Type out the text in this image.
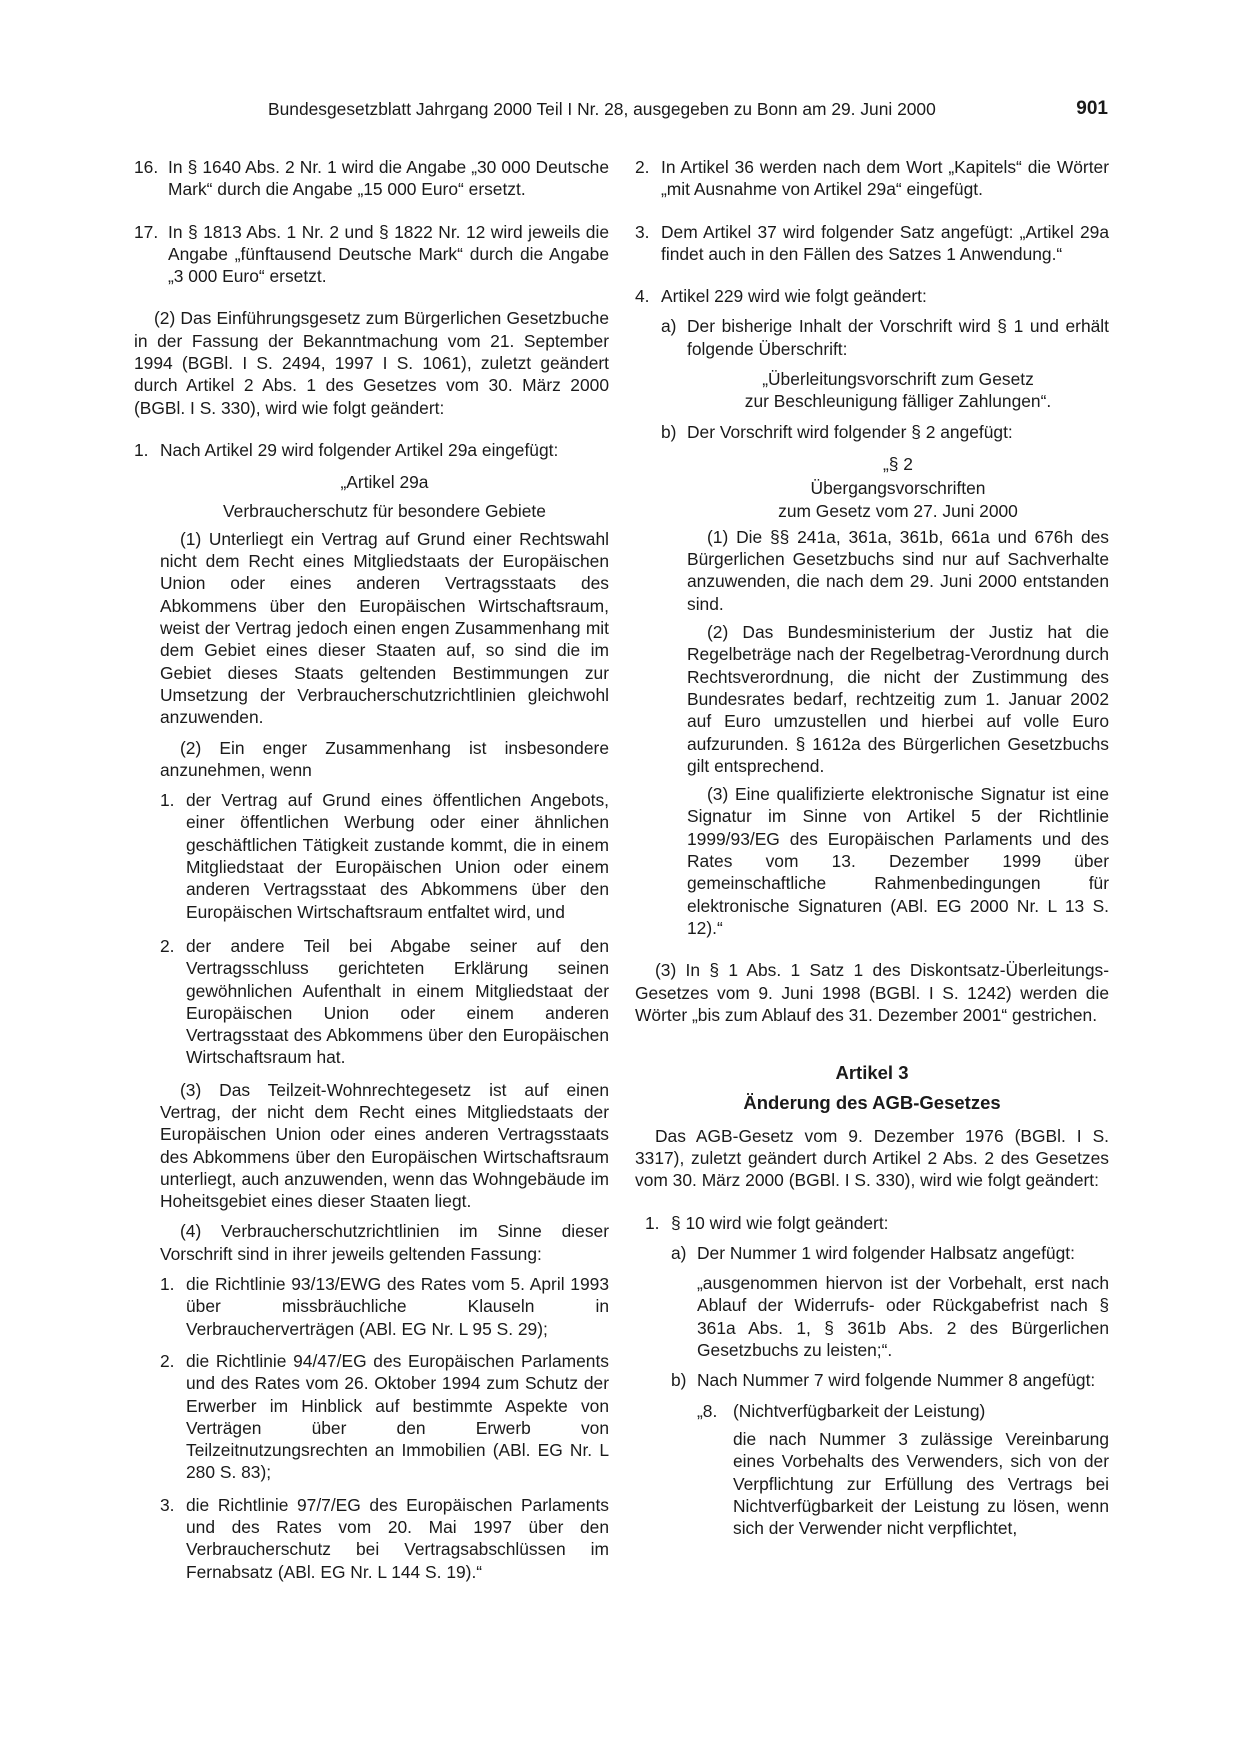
Bundesgesetzblatt Jahrgang 2000 Teil I Nr. 28, ausgegeben zu Bonn am 29. Juni 2000	901
16. In § 1640 Abs. 2 Nr. 1 wird die Angabe „30 000 Deutsche Mark“ durch die Angabe „15 000 Euro“ ersetzt.
17. In § 1813 Abs. 1 Nr. 2 und § 1822 Nr. 12 wird jeweils die Angabe „fünftausend Deutsche Mark“ durch die Angabe „3 000 Euro“ ersetzt.

(2) Das Einführungsgesetz zum Bürgerlichen Gesetzbuche in der Fassung der Bekanntmachung vom 21. September 1994 (BGBl. I S. 2494, 1997 I S. 1061), zuletzt geändert durch Artikel 2 Abs. 1 des Gesetzes vom 30. März 2000 (BGBl. I S. 330), wird wie folgt geändert:

1. Nach Artikel 29 wird folgender Artikel 29a eingefügt:

„Artikel 29a

Verbraucherschutz für besondere Gebiete

(1) Unterliegt ein Vertrag auf Grund einer Rechtswahl nicht dem Recht eines Mitgliedstaats der Europäischen Union oder eines anderen Vertragsstaats des Abkommens über den Europäischen Wirtschaftsraum, weist der Vertrag jedoch einen engen Zusammenhang mit dem Gebiet eines dieser Staaten auf, so sind die im Gebiet dieses Staats geltenden Bestimmungen zur Umsetzung der Verbraucherschutzrichtlinien gleichwohl anzuwenden.

(2) Ein enger Zusammenhang ist insbesondere anzunehmen, wenn

1. der Vertrag auf Grund eines öffentlichen Angebots, einer öffentlichen Werbung oder einer ähnlichen geschäftlichen Tätigkeit zustande kommt, die in einem Mitgliedstaat der Europäischen Union oder einem anderen Vertragsstaat des Abkommens über den Europäischen Wirtschaftsraum entfaltet wird, und
2. der andere Teil bei Abgabe seiner auf den Vertragsschluss gerichteten Erklärung seinen gewöhnlichen Aufenthalt in einem Mitgliedstaat der Europäischen Union oder einem anderen Vertragsstaat des Abkommens über den Europäischen Wirtschaftsraum hat.

(3) Das Teilzeit-Wohnrechtegesetz ist auf einen Vertrag, der nicht dem Recht eines Mitgliedstaats der Europäischen Union oder eines anderen Vertragsstaats des Abkommens über den Europäischen Wirtschaftsraum unterliegt, auch anzuwenden, wenn das Wohngebäude im Hoheitsgebiet eines dieser Staaten liegt.

(4) Verbraucherschutzrichtlinien im Sinne dieser Vorschrift sind in ihrer jeweils geltenden Fassung:

1. die Richtlinie 93/13/EWG des Rates vom 5. April 1993 über missbräuchliche Klauseln in Verbraucherverträgen (ABl. EG Nr. L 95 S. 29);
2. die Richtlinie 94/47/EG des Europäischen Parlaments und des Rates vom 26. Oktober 1994 zum Schutz der Erwerber im Hinblick auf bestimmte Aspekte von Verträgen über den Erwerb von Teilzeitnutzungsrechten an Immobilien (ABl. EG Nr. L 280 S. 83);
3. die Richtlinie 97/7/EG des Europäischen Parlaments und des Rates vom 20. Mai 1997 über den Verbraucherschutz bei Vertragsabschlüssen im Fernabsatz (ABl. EG Nr. L 144 S. 19).“
2. In Artikel 36 werden nach dem Wort „Kapitels“ die Wörter „mit Ausnahme von Artikel 29a“ eingefügt.
3. Dem Artikel 37 wird folgender Satz angefügt: „Artikel 29a findet auch in den Fällen des Satzes 1 Anwendung.“
4. Artikel 229 wird wie folgt geändert:
a) Der bisherige Inhalt der Vorschrift wird § 1 und erhält folgende Überschrift:

„Überleitungsvorschrift zum Gesetz

zur Beschleunigung fälliger Zahlungen“.

b) Der Vorschrift wird folgender § 2 angefügt:

„§ 2

Übergangsvorschriften

zum Gesetz vom 27. Juni 2000

(1) Die §§ 241a, 361a, 361b, 661a und 676h des Bürgerlichen Gesetzbuchs sind nur auf Sachverhalte anzuwenden, die nach dem 29. Juni 2000 entstanden sind.

(2) Das Bundesministerium der Justiz hat die Regelbeträge nach der Regelbetrag-Verordnung durch Rechtsverordnung, die nicht der Zustimmung des Bundesrates bedarf, rechtzeitig zum 1. Januar 2002 auf Euro umzustellen und hierbei auf volle Euro aufzurunden. § 1612a des Bürgerlichen Gesetzbuchs gilt entsprechend.

(3) Eine qualifizierte elektronische Signatur ist eine Signatur im Sinne von Artikel 5 der Richtlinie 1999/93/EG des Europäischen Parlaments und des Rates vom 13. Dezember 1999 über gemeinschaftliche Rahmenbedingungen für elektronische Signaturen (ABl. EG 2000 Nr. L 13 S. 12).“

(3) In § 1 Abs. 1 Satz 1 des Diskontsatz-Überleitungs-Gesetzes vom 9. Juni 1998 (BGBl. I S. 1242) werden die Wörter „bis zum Ablauf des 31. Dezember 2001“ gestrichen.

Artikel 3

Änderung des AGB-Gesetzes

Das AGB-Gesetz vom 9. Dezember 1976 (BGBl. I S. 3317), zuletzt geändert durch Artikel 2 Abs. 2 des Gesetzes vom 30. März 2000 (BGBl. I S. 330), wird wie folgt geändert:

1. § 10 wird wie folgt geändert:
a) Der Nummer 1 wird folgender Halbsatz angefügt:

„ausgenommen hiervon ist der Vorbehalt, erst nach Ablauf der Widerrufs- oder Rückgabefrist nach § 361a Abs. 1, § 361b Abs. 2 des Bürgerlichen Gesetzbuchs zu leisten;“.

b) Nach Nummer 7 wird folgende Nummer 8 angefügt:
„8. (Nichtverfügbarkeit der Leistung)

die nach Nummer 3 zulässige Vereinbarung eines Vorbehalts des Verwenders, sich von der Verpflichtung zur Erfüllung des Vertrags bei Nichtverfügbarkeit der Leistung zu lösen, wenn sich der Verwender nicht verpflichtet,
